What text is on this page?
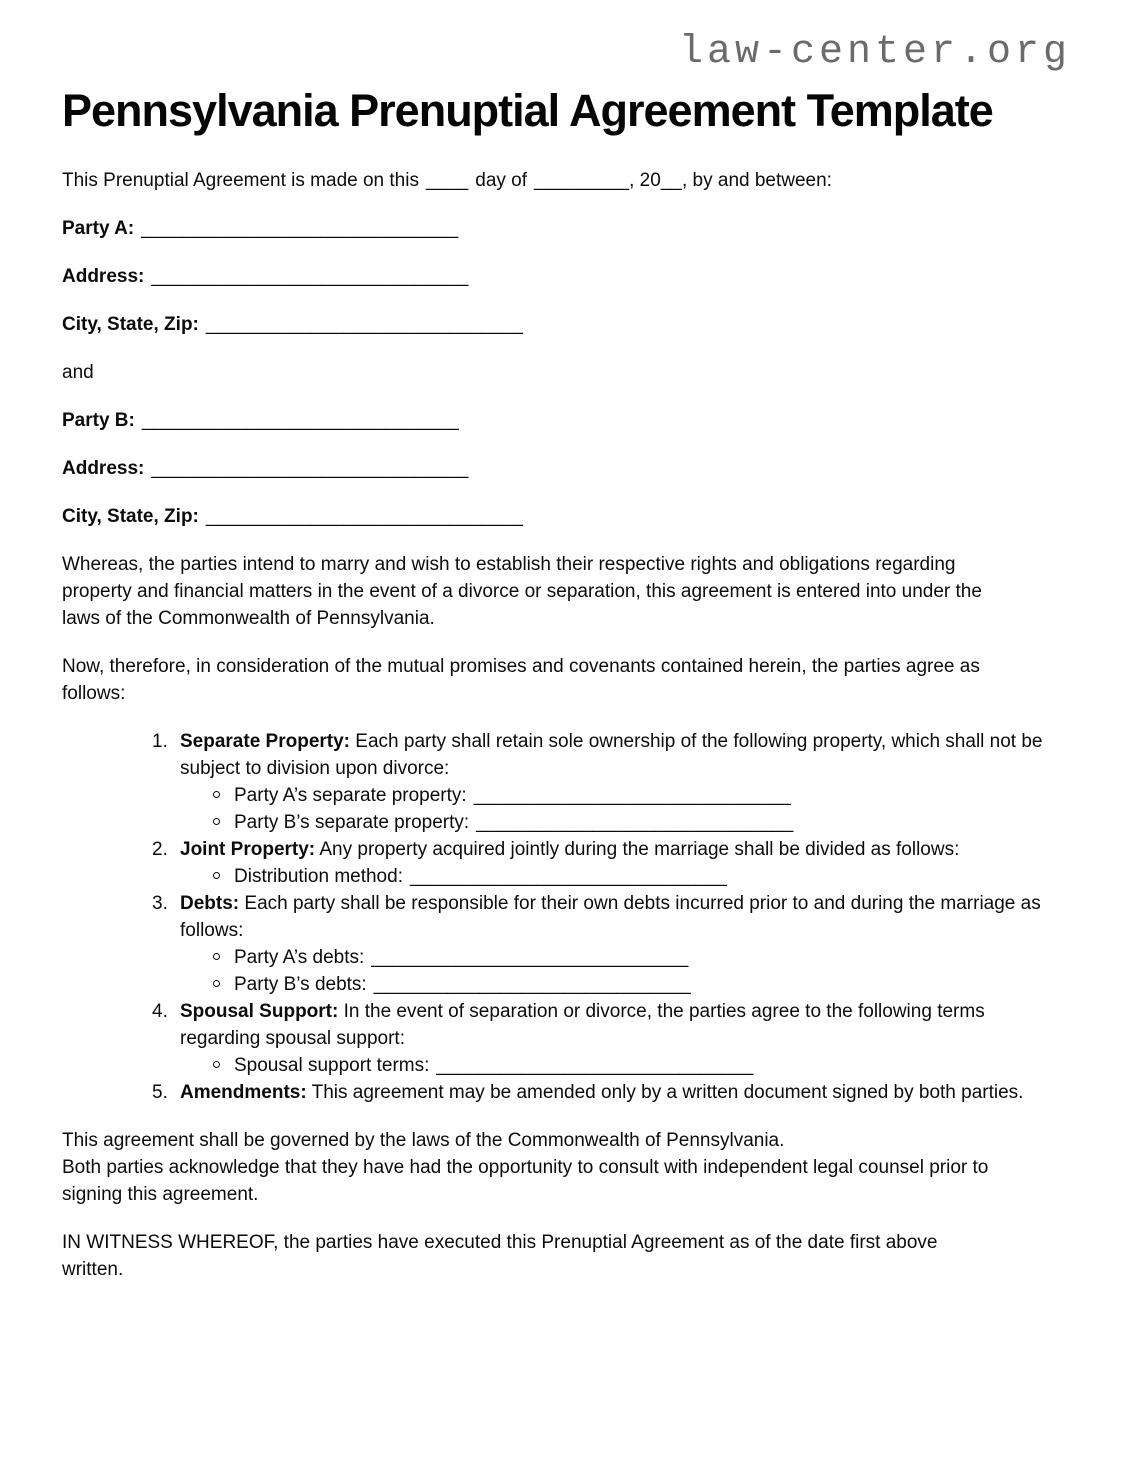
law-center.org
Pennsylvania Prenuptial Agreement Template

This Prenuptial Agreement is made on this ____ day of _________, 20__, by and between:

Party A: ______________________________

Address: ______________________________

City, State, Zip: ______________________________

and

Party B: ______________________________

Address: ______________________________

City, State, Zip: ______________________________

Whereas, the parties intend to marry and wish to establish their respective rights and obligations regarding property and financial matters in the event of a divorce or separation, this agreement is entered into under the laws of the Commonwealth of Pennsylvania.

Now, therefore, in consideration of the mutual promises and covenants contained herein, the parties agree as follows:

1. Separate Property: Each party shall retain sole ownership of the following property, which shall not be subject to division upon divorce:
Party A’s separate property: ______________________________
Party B’s separate property: ______________________________
2. Joint Property: Any property acquired jointly during the marriage shall be divided as follows:
Distribution method: ______________________________
3. Debts: Each party shall be responsible for their own debts incurred prior to and during the marriage as follows:
Party A’s debts: ______________________________
Party B’s debts: ______________________________
4. Spousal Support: In the event of separation or divorce, the parties agree to the following terms regarding spousal support:
Spousal support terms: ______________________________
5. Amendments: This agreement may be amended only by a written document signed by both parties.

This agreement shall be governed by the laws of the Commonwealth of Pennsylvania.
Both parties acknowledge that they have had the opportunity to consult with independent legal counsel prior to signing this agreement.

IN WITNESS WHEREOF, the parties have executed this Prenuptial Agreement as of the date first above written.
